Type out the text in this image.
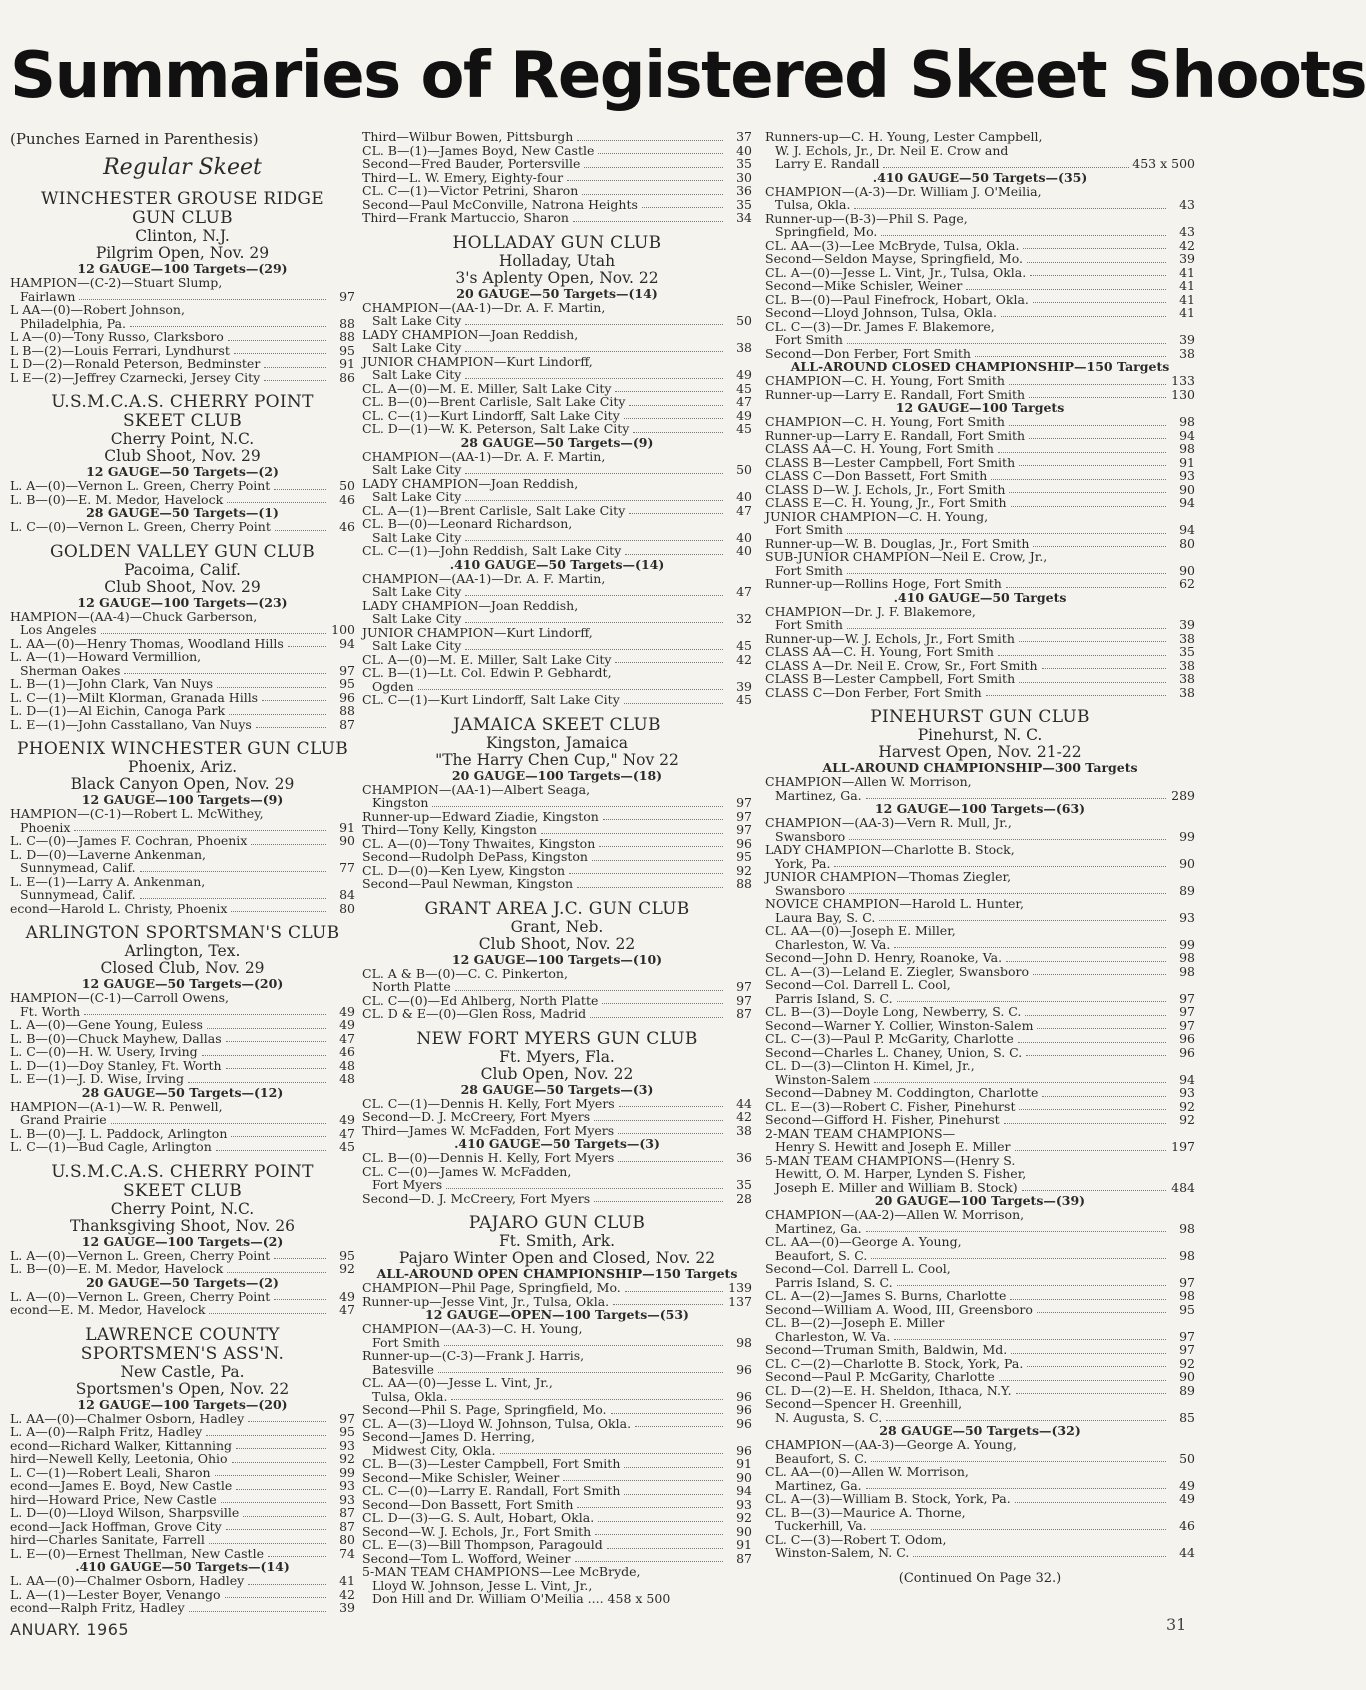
Summaries of Registered Skeet Shoots
(Punches Earned in Parenthesis)
Regular Skeet
WINCHESTER GROUSE RIDGE
GUN CLUB
Clinton, N.J.
Pilgrim Open, Nov. 29
12 GAUGE—100 Targets—(29)
HAMPION—(C-2)—Stuart Slump,
Fairlawn	97
L AA—(0)—Robert Johnson,
Philadelphia, Pa.	88
L A—(0)—Tony Russo, Clarksboro	88
L B—(2)—Louis Ferrari, Lyndhurst	95
L D—(2)—Ronald Peterson, Bedminster	91
L E—(2)—Jeffrey Czarnecki, Jersey City	86
U.S.M.C.A.S. CHERRY POINT
SKEET CLUB
Cherry Point, N.C.
Club Shoot, Nov. 29
12 GAUGE—50 Targets—(2)
L. A—(0)—Vernon L. Green, Cherry Point	50
L. B—(0)—E. M. Medor, Havelock	46
28 GAUGE—50 Targets—(1)
L. C—(0)—Vernon L. Green, Cherry Point	46
GOLDEN VALLEY GUN CLUB
Pacoima, Calif.
Club Shoot, Nov. 29
12 GAUGE—100 Targets—(23)
HAMPION—(AA-4)—Chuck Garberson,
Los Angeles	100
L. AA—(0)—Henry Thomas, Woodland Hills	94
L. A—(1)—Howard Vermillion,
Sherman Oakes	97
L. B—(1)—John Clark, Van Nuys	95
L. C—(1)—Milt Klorman, Granada Hills	96
L. D—(1)—Al Eichin, Canoga Park	88
L. E—(1)—John Casstallano, Van Nuys	87
PHOENIX WINCHESTER GUN CLUB
Phoenix, Ariz.
Black Canyon Open, Nov. 29
12 GAUGE—100 Targets—(9)
HAMPION—(C-1)—Robert L. McWithey,
Phoenix	91
L. C—(0)—James F. Cochran, Phoenix	90
L. D—(0)—Laverne Ankenman,
Sunnymead, Calif.	77
L. E—(1)—Larry A. Ankenman,
Sunnymead, Calif.	84
econd—Harold L. Christy, Phoenix	80
ARLINGTON SPORTSMAN'S CLUB
Arlington, Tex.
Closed Club, Nov. 29
12 GAUGE—50 Targets—(20)
HAMPION—(C-1)—Carroll Owens,
Ft. Worth	49
L. A—(0)—Gene Young, Euless	49
L. B—(0)—Chuck Mayhew, Dallas	47
L. C—(0)—H. W. Usery, Irving	46
L. D—(1)—Doy Stanley, Ft. Worth	48
L. E—(1)—J. D. Wise, Irving	48
28 GAUGE—50 Targets—(12)
HAMPION—(A-1)—W. R. Penwell,
Grand Prairie	49
L. B—(0)—J. L. Paddock, Arlington	47
L. C—(1)—Bud Cagle, Arlington	45
U.S.M.C.A.S. CHERRY POINT
SKEET CLUB
Cherry Point, N.C.
Thanksgiving Shoot, Nov. 26
12 GAUGE—100 Targets—(2)
L. A—(0)—Vernon L. Green, Cherry Point	95
L. B—(0)—E. M. Medor, Havelock	92
20 GAUGE—50 Targets—(2)
L. A—(0)—Vernon L. Green, Cherry Point	49
econd—E. M. Medor, Havelock	47
LAWRENCE COUNTY
SPORTSMEN'S ASS'N.
New Castle, Pa.
Sportsmen's Open, Nov. 22
12 GAUGE—100 Targets—(20)
L. AA—(0)—Chalmer Osborn, Hadley	97
L. A—(0)—Ralph Fritz, Hadley	95
econd—Richard Walker, Kittanning	93
hird—Newell Kelly, Leetonia, Ohio	92
L. C—(1)—Robert Leali, Sharon	99
econd—James E. Boyd, New Castle	93
hird—Howard Price, New Castle	93
L. D—(0)—Lloyd Wilson, Sharpsville	87
econd—Jack Hoffman, Grove City	87
hird—Charles Sanitate, Farrell	80
L. E—(0)—Ernest Thellman, New Castle	74
.410 GAUGE—50 Targets—(14)
L. AA—(0)—Chalmer Osborn, Hadley	41
L. A—(1)—Lester Boyer, Venango	42
econd—Ralph Fritz, Hadley	39
Third—Wilbur Bowen, Pittsburgh	37
CL. B—(1)—James Boyd, New Castle	40
Second—Fred Bauder, Portersville	35
Third—L. W. Emery, Eighty-four	30
CL. C—(1)—Victor Petrini, Sharon	36
Second—Paul McConville, Natrona Heights	35
Third—Frank Martuccio, Sharon	34
HOLLADAY GUN CLUB
Holladay, Utah
3's Aplenty Open, Nov. 22
20 GAUGE—50 Targets—(14)
CHAMPION—(AA-1)—Dr. A. F. Martin,
Salt Lake City	50
LADY CHAMPION—Joan Reddish,
Salt Lake City	38
JUNIOR CHAMPION—Kurt Lindorff,
Salt Lake City	49
CL. A—(0)—M. E. Miller, Salt Lake City	45
CL. B—(0)—Brent Carlisle, Salt Lake City	47
CL. C—(1)—Kurt Lindorff, Salt Lake City	49
CL. D—(1)—W. K. Peterson, Salt Lake City	45
28 GAUGE—50 Targets—(9)
CHAMPION—(AA-1)—Dr. A. F. Martin,
Salt Lake City	50
LADY CHAMPION—Joan Reddish,
Salt Lake City	40
CL. A—(1)—Brent Carlisle, Salt Lake City	47
CL. B—(0)—Leonard Richardson,
Salt Lake City	40
CL. C—(1)—John Reddish, Salt Lake City	40
.410 GAUGE—50 Targets—(14)
CHAMPION—(AA-1)—Dr. A. F. Martin,
Salt Lake City	47
LADY CHAMPION—Joan Reddish,
Salt Lake City	32
JUNIOR CHAMPION—Kurt Lindorff,
Salt Lake City	45
CL. A—(0)—M. E. Miller, Salt Lake City	42
CL. B—(1)—Lt. Col. Edwin P. Gebhardt,
Ogden	39
CL. C—(1)—Kurt Lindorff, Salt Lake City	45
JAMAICA SKEET CLUB
Kingston, Jamaica
"The Harry Chen Cup," Nov 22
20 GAUGE—100 Targets—(18)
CHAMPION—(AA-1)—Albert Seaga,
Kingston	97
Runner-up—Edward Ziadie, Kingston	97
Third—Tony Kelly, Kingston	97
CL. A—(0)—Tony Thwaites, Kingston	96
Second—Rudolph DePass, Kingston	95
CL. D—(0)—Ken Lyew, Kingston	92
Second—Paul Newman, Kingston	88
GRANT AREA J.C. GUN CLUB
Grant, Neb.
Club Shoot, Nov. 22
12 GAUGE—100 Targets—(10)
CL. A & B—(0)—C. C. Pinkerton,
North Platte	97
CL. C—(0)—Ed Ahlberg, North Platte	97
CL. D & E—(0)—Glen Ross, Madrid	87
NEW FORT MYERS GUN CLUB
Ft. Myers, Fla.
Club Open, Nov. 22
28 GAUGE—50 Targets—(3)
CL. C—(1)—Dennis H. Kelly, Fort Myers	44
Second—D. J. McCreery, Fort Myers	42
Third—James W. McFadden, Fort Myers	38
.410 GAUGE—50 Targets—(3)
CL. B—(0)—Dennis H. Kelly, Fort Myers	36
CL. C—(0)—James W. McFadden,
Fort Myers	35
Second—D. J. McCreery, Fort Myers	28
PAJARO GUN CLUB
Ft. Smith, Ark.
Pajaro Winter Open and Closed, Nov. 22
ALL-AROUND OPEN CHAMPIONSHIP—150 Targets
CHAMPION—Phil Page, Springfield, Mo.	139
Runner-up—Jesse Vint, Jr., Tulsa, Okla.	137
12 GAUGE—OPEN—100 Targets—(53)
CHAMPION—(AA-3)—C. H. Young,
Fort Smith	98
Runner-up—(C-3)—Frank J. Harris,
Batesville	96
CL. AA—(0)—Jesse L. Vint, Jr.,
Tulsa, Okla.	96
Second—Phil S. Page, Springfield, Mo.	96
CL. A—(3)—Lloyd W. Johnson, Tulsa, Okla.	96
Second—James D. Herring,
Midwest City, Okla.	96
CL. B—(3)—Lester Campbell, Fort Smith	91
Second—Mike Schisler, Weiner	90
CL. C—(0)—Larry E. Randall, Fort Smith	94
Second—Don Bassett, Fort Smith	93
CL. D—(3)—G. S. Ault, Hobart, Okla.	92
Second—W. J. Echols, Jr., Fort Smith	90
CL. E—(3)—Bill Thompson, Paragould	91
Second—Tom L. Wofford, Weiner	87
5-MAN TEAM CHAMPIONS—Lee McBryde,
Lloyd W. Johnson, Jesse L. Vint, Jr.,
Don Hill and Dr. William O'Meilia .... 458 x 500
Runners-up—C. H. Young, Lester Campbell,
W. J. Echols, Jr., Dr. Neil E. Crow and
Larry E. Randall	453 x 500
.410 GAUGE—50 Targets—(35)
CHAMPION—(A-3)—Dr. William J. O'Meilia,
Tulsa, Okla.	43
Runner-up—(B-3)—Phil S. Page,
Springfield, Mo.	43
CL. AA—(3)—Lee McBryde, Tulsa, Okla.	42
Second—Seldon Mayse, Springfield, Mo.	39
CL. A—(0)—Jesse L. Vint, Jr., Tulsa, Okla.	41
Second—Mike Schisler, Weiner	41
CL. B—(0)—Paul Finefrock, Hobart, Okla.	41
Second—Lloyd Johnson, Tulsa, Okla.	41
CL. C—(3)—Dr. James F. Blakemore,
Fort Smith	39
Second—Don Ferber, Fort Smith	38
ALL-AROUND CLOSED CHAMPIONSHIP—150 Targets
CHAMPION—C. H. Young, Fort Smith	133
Runner-up—Larry E. Randall, Fort Smith	130
12 GAUGE—100 Targets
CHAMPION—C. H. Young, Fort Smith	98
Runner-up—Larry E. Randall, Fort Smith	94
CLASS AA—C. H. Young, Fort Smith	98
CLASS B—Lester Campbell, Fort Smith	91
CLASS C—Don Bassett, Fort Smith	93
CLASS D—W. J. Echols, Jr., Fort Smith	90
CLASS E—C. H. Young, Jr., Fort Smith	94
JUNIOR CHAMPION—C. H. Young,
Fort Smith	94
Runner-up—W. B. Douglas, Jr., Fort Smith	80
SUB-JUNIOR CHAMPION—Neil E. Crow, Jr.,
Fort Smith	90
Runner-up—Rollins Hoge, Fort Smith	62
.410 GAUGE—50 Targets
CHAMPION—Dr. J. F. Blakemore,
Fort Smith	39
Runner-up—W. J. Echols, Jr., Fort Smith	38
CLASS AA—C. H. Young, Fort Smith	35
CLASS A—Dr. Neil E. Crow, Sr., Fort Smith	38
CLASS B—Lester Campbell, Fort Smith	38
CLASS C—Don Ferber, Fort Smith	38
PINEHURST GUN CLUB
Pinehurst, N. C.
Harvest Open, Nov. 21-22
ALL-AROUND CHAMPIONSHIP—300 Targets
CHAMPION—Allen W. Morrison,
Martinez, Ga.	289
12 GAUGE—100 Targets—(63)
CHAMPION—(AA-3)—Vern R. Mull, Jr.,
Swansboro	99
LADY CHAMPION—Charlotte B. Stock,
York, Pa.	90
JUNIOR CHAMPION—Thomas Ziegler,
Swansboro	89
NOVICE CHAMPION—Harold L. Hunter,
Laura Bay, S. C.	93
CL. AA—(0)—Joseph E. Miller,
Charleston, W. Va.	99
Second—John D. Henry, Roanoke, Va.	98
CL. A—(3)—Leland E. Ziegler, Swansboro	98
Second—Col. Darrell L. Cool,
Parris Island, S. C.	97
CL. B—(3)—Doyle Long, Newberry, S. C.	97
Second—Warner Y. Collier, Winston-Salem	97
CL. C—(3)—Paul P. McGarity, Charlotte	96
Second—Charles L. Chaney, Union, S. C.	96
CL. D—(3)—Clinton H. Kimel, Jr.,
Winston-Salem	94
Second—Dabney M. Coddington, Charlotte	93
CL. E—(3)—Robert C. Fisher, Pinehurst	92
Second—Gifford H. Fisher, Pinehurst	92
2-MAN TEAM CHAMPIONS—
Henry S. Hewitt and Joseph E. Miller	197
5-MAN TEAM CHAMPIONS—(Henry S.
Hewitt, O. M. Harper, Lynden S. Fisher,
Joseph E. Miller and William B. Stock)	484
20 GAUGE—100 Targets—(39)
CHAMPION—(AA-2)—Allen W. Morrison,
Martinez, Ga.	98
CL. AA—(0)—George A. Young,
Beaufort, S. C.	98
Second—Col. Darrell L. Cool,
Parris Island, S. C.	97
CL. A—(2)—James S. Burns, Charlotte	98
Second—William A. Wood, III, Greensboro	95
CL. B—(2)—Joseph E. Miller
Charleston, W. Va.	97
Second—Truman Smith, Baldwin, Md.	97
CL. C—(2)—Charlotte B. Stock, York, Pa.	92
Second—Paul P. McGarity, Charlotte	90
CL. D—(2)—E. H. Sheldon, Ithaca, N.Y.	89
Second—Spencer H. Greenhill,
N. Augusta, S. C.	85
28 GAUGE—50 Targets—(32)
CHAMPION—(AA-3)—George A. Young,
Beaufort, S. C.	50
CL. AA—(0)—Allen W. Morrison,
Martinez, Ga.	49
CL. A—(3)—William B. Stock, York, Pa.	49
CL. B—(3)—Maurice A. Thorne,
Tuckerhill, Va.	46
CL. C—(3)—Robert T. Odom,
Winston-Salem, N. C.	44
(Continued On Page 32.)
ANUARY. 1965	31
